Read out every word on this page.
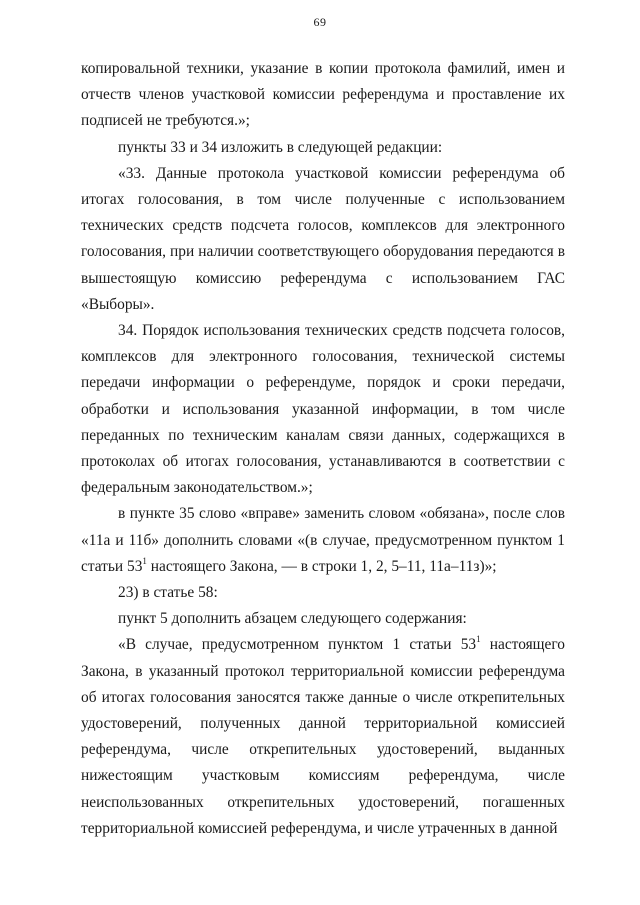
69

копировальной техники, указание в копии протокола фамилий, имен и отчеств членов участковой комиссии референдума и проставление их подписей не требуются.»;

пункты 33 и 34 изложить в следующей редакции:

«33. Данные протокола участковой комиссии референдума об итогах голосования, в том числе полученные с использованием технических средств подсчета голосов, комплексов для электронного голосования, при наличии соответствующего оборудования передаются в вышестоящую комиссию референдума с использованием ГАС «Выборы».

34. Порядок использования технических средств подсчета голосов, комплексов для электронного голосования, технической системы передачи информации о референдуме, порядок и сроки передачи, обработки и использования указанной информации, в том числе переданных по техническим каналам связи данных, содержащихся в протоколах об итогах голосования, устанавливаются в соответствии с федеральным законодательством.»;

в пункте 35 слово «вправе» заменить словом «обязана», после слов «11а и 11б» дополнить словами «(в случае, предусмотренном пунктом 1 статьи $53^1$ настоящего Закона, — в строки 1, 2, 5–11, 11а–11з)»;

23) в статье 58:

пункт 5 дополнить абзацем следующего содержания:

«В случае, предусмотренном пунктом 1 статьи $53^1$ настоящего Закона, в указанный протокол территориальной комиссии референдума об итогах голосования заносятся также данные о числе открепительных удостоверений, полученных данной территориальной комиссией референдума, числе открепительных удостоверений, выданных нижестоящим участковым комиссиям референдума, числе неиспользованных открепительных удостоверений, погашенных территориальной комиссией референдума, и числе утраченных в данной
